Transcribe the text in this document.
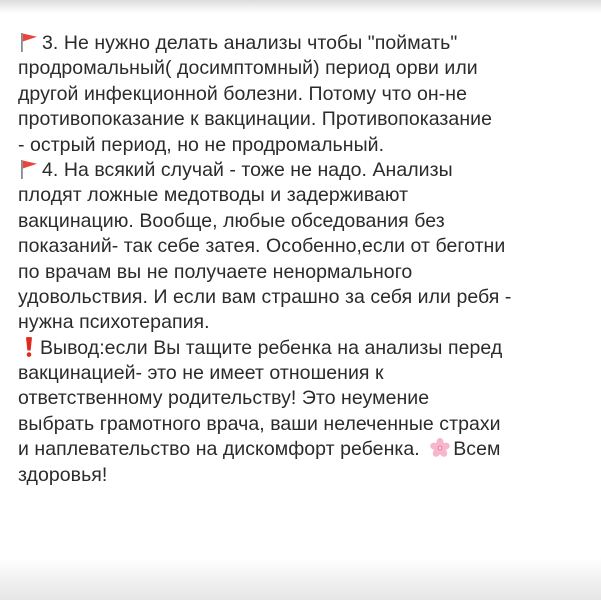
3. Не нужно делать анализы чтобы "поймать"
продромальный( досимптомный) период орви или
другой инфекционной болезни. Потому что он-не
противопоказание к вакцинации. Противопоказание
- острый период, но не продромальный.
4. На всякий случай - тоже не надо. Анализы
плодят ложные медотводы и задерживают
вакцинацию. Вообще, любые обседования без
показаний- так себе затея. Особенно,если от беготни
по врачам вы не получаете ненормального
удовольствия. И если вам страшно за себя или ребя -
нужна психотерапия.
Вывод:если Вы тащите ребенка на анализы перед
вакцинацией- это не имеет отношения к
ответственному родительству! Это неумение
выбрать грамотного врача, ваши нелеченные страхи
и наплевательство на дискомфорт ребенка.
Всем
здоровья!
